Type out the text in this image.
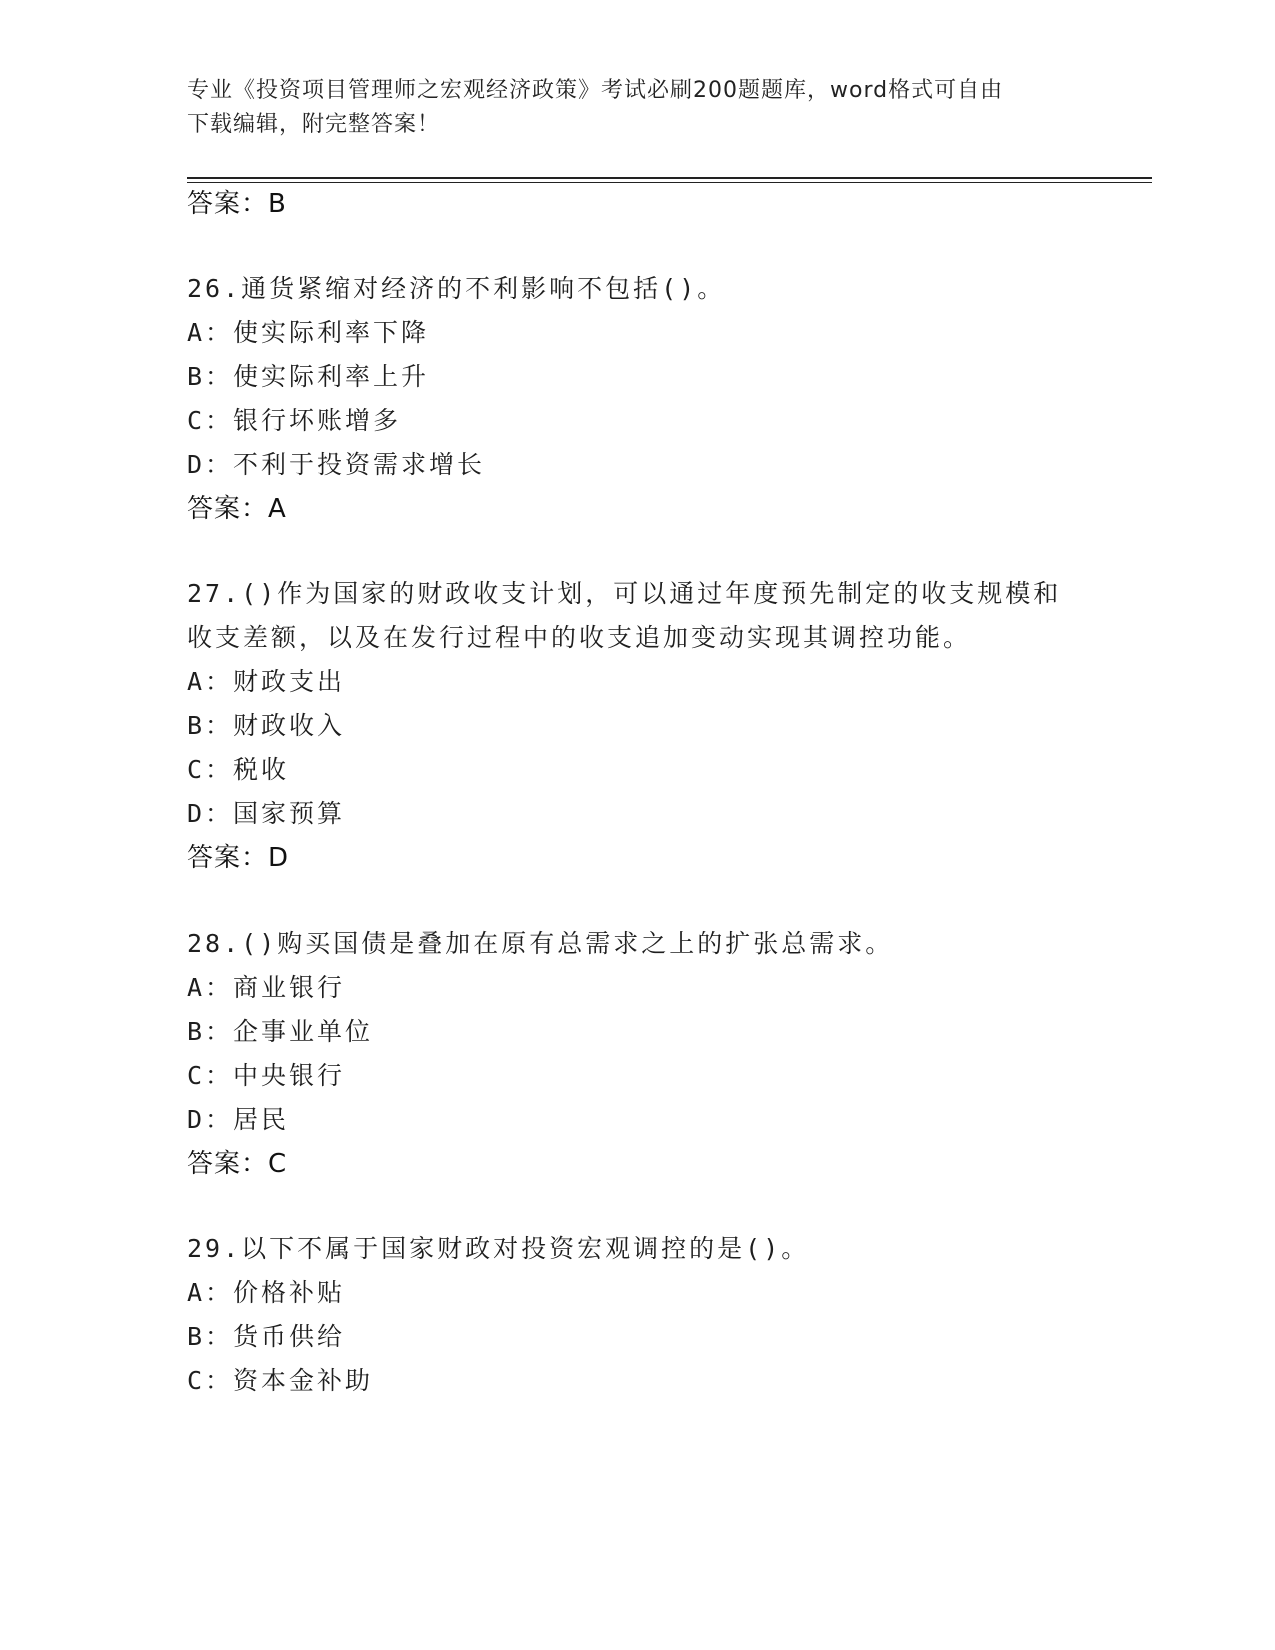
专业《投资项目管理师之宏观经济政策》考试必刷200题题库，word格式可自由
下载编辑，附完整答案！
答案：B
26.通货紧缩对经济的不利影响不包括()。
A：使实际利率下降
B：使实际利率上升
C：银行坏账增多
D：不利于投资需求增长
答案：A
27.()作为国家的财政收支计划，可以通过年度预先制定的收支规模和
收支差额，以及在发行过程中的收支追加变动实现其调控功能。
A：财政支出
B：财政收入
C：税收
D：国家预算
答案：D
28.()购买国债是叠加在原有总需求之上的扩张总需求。
A：商业银行
B：企事业单位
C：中央银行
D：居民
答案：C
29.以下不属于国家财政对投资宏观调控的是()。
A：价格补贴
B：货币供给
C：资本金补助
